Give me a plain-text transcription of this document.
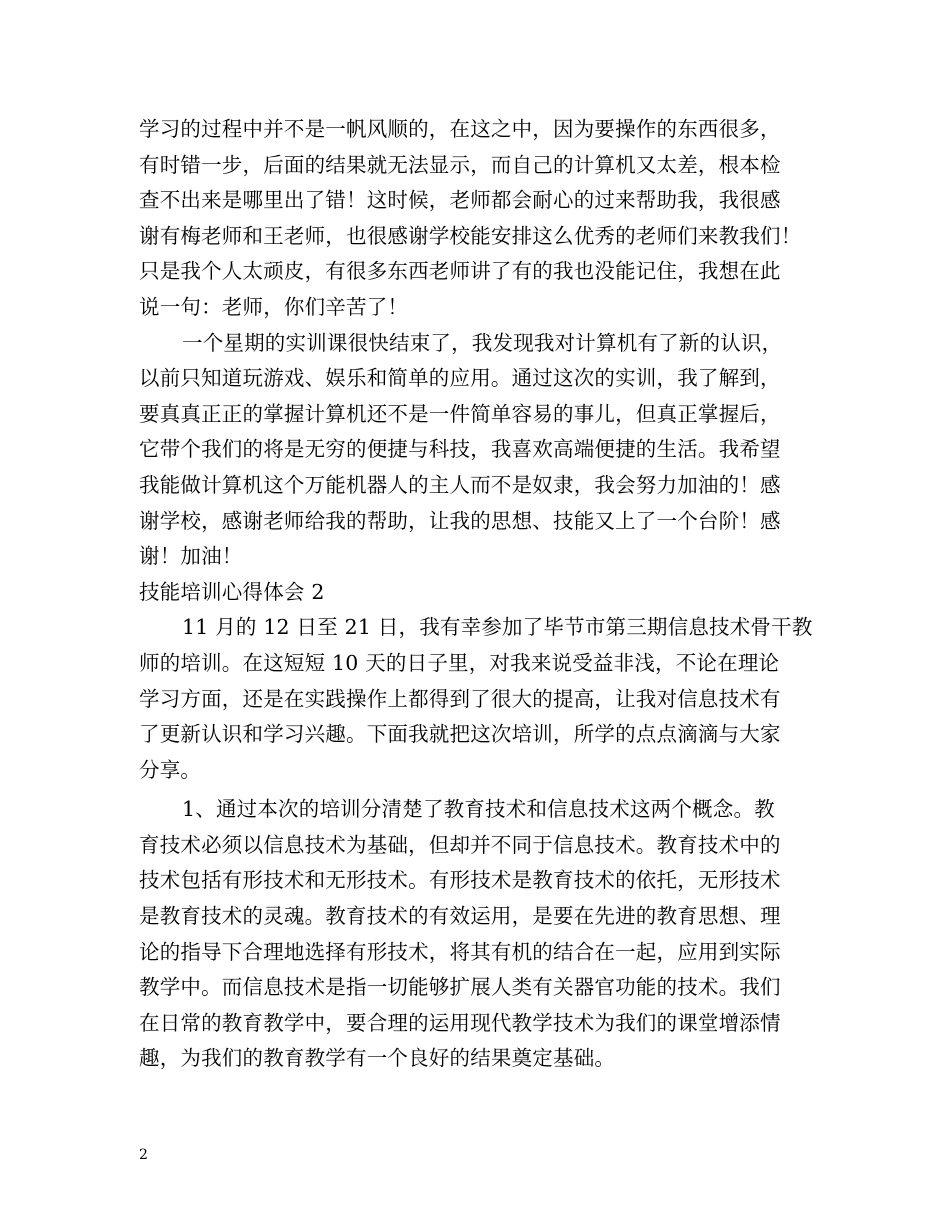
学习的过程中并不是一帆风顺的，在这之中，因为要操作的东西很多，
有时错一步，后面的结果就无法显示，而自己的计算机又太差，根本检
查不出来是哪里出了错！这时候，老师都会耐心的过来帮助我，我很感
谢有梅老师和王老师，也很感谢学校能安排这么优秀的老师们来教我们！
只是我个人太顽皮，有很多东西老师讲了有的我也没能记住，我想在此
说一句：老师，你们辛苦了！
一个星期的实训课很快结束了，我发现我对计算机有了新的认识，
以前只知道玩游戏、娱乐和简单的应用。通过这次的实训，我了解到，
要真真正正的掌握计算机还不是一件简单容易的事儿，但真正掌握后，
它带个我们的将是无穷的便捷与科技，我喜欢高端便捷的生活。我希望
我能做计算机这个万能机器人的主人而不是奴隶，我会努力加油的！感
谢学校，感谢老师给我的帮助，让我的思想、技能又上了一个台阶！感
谢！加油！
技能培训心得体会 2
11 月的 12 日至 21 日，我有幸参加了毕节市第三期信息技术骨干教
师的培训。在这短短 10 天的日子里，对我来说受益非浅，不论在理论
学习方面，还是在实践操作上都得到了很大的提高，让我对信息技术有
了更新认识和学习兴趣。下面我就把这次培训，所学的点点滴滴与大家
分享。
1、通过本次的培训分清楚了教育技术和信息技术这两个概念。教
育技术必须以信息技术为基础，但却并不同于信息技术。教育技术中的
技术包括有形技术和无形技术。有形技术是教育技术的依托，无形技术
是教育技术的灵魂。教育技术的有效运用，是要在先进的教育思想、理
论的指导下合理地选择有形技术，将其有机的结合在一起，应用到实际
教学中。而信息技术是指一切能够扩展人类有关器官功能的技术。我们
在日常的教育教学中，要合理的运用现代教学技术为我们的课堂增添情
趣，为我们的教育教学有一个良好的结果奠定基础。
2
